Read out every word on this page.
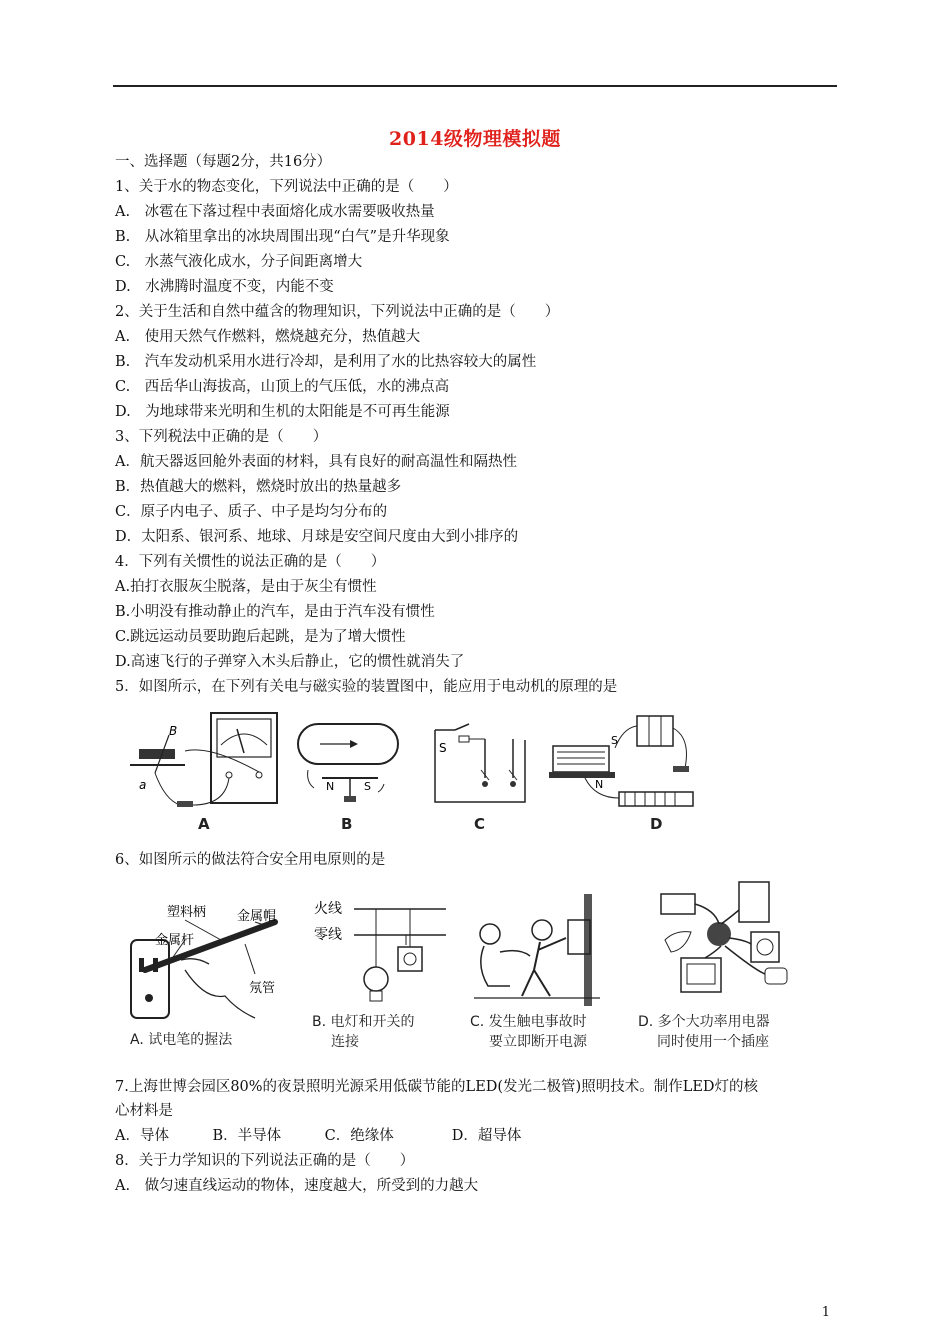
2014级物理模拟题
一、选择题（每题2分，共16分）
1、关于水的物态变化，下列说法中正确的是（　　）
A.　冰雹在下落过程中表面熔化成水需要吸收热量
B.　从冰箱里拿出的冰块周围出现“白气”是升华现象
C.　水蒸气液化成水，分子间距离增大
D.　水沸腾时温度不变，内能不变
2、关于生活和自然中蕴含的物理知识，下列说法中正确的是（　　）
A.　使用天然气作燃料，燃烧越充分，热值越大
B.　汽车发动机采用水进行冷却，是利用了水的比热容较大的属性
C.　西岳华山海拔高，山顶上的气压低，水的沸点高
D.　为地球带来光明和生机的太阳能是不可再生能源
3、下列税法中正确的是（　　）
A．航天器返回舱外表面的材料，具有良好的耐高温性和隔热性
B．热值越大的燃料，燃烧时放出的热量越多
C．原子内电子、质子、中子是均匀分布的
D．太阳系、银河系、地球、月球是安空间尺度由大到小排序的
4．下列有关惯性的说法正确的是（　　）
A.拍打衣服灰尘脱落，是由于灰尘有惯性
B.小明没有推动静止的汽车，是由于汽车没有惯性
C.跳远运动员要助跑后起跳，是为了增大惯性
D.高速飞行的子弹穿入木头后静止，它的惯性就消失了
5．如图所示，在下列有关电与磁实验的装置图中，能应用于电动机的原理的是
B
a
A
N	S
B
S
C
S
N
D
6、如图所示的做法符合安全用电原则的是
塑料柄 金属帽
金属杆
氖管
A. 试电笔的握法
火线
零线
B. 电灯和开关的
连接
C. 发生触电事故时
要立即断开电源
D. 多个大功率用电器
同时使用一个插座
7.上海世博会园区80%的夜景照明光源采用低碳节能的LED(发光二极管)照明技术。制作LED灯的核
心材料是
A．导体　　　B．半导体　　　C．绝缘体　　　　D．超导体
8．关于力学知识的下列说法正确的是（　　）
A.　做匀速直线运动的物体，速度越大，所受到的力越大
1
